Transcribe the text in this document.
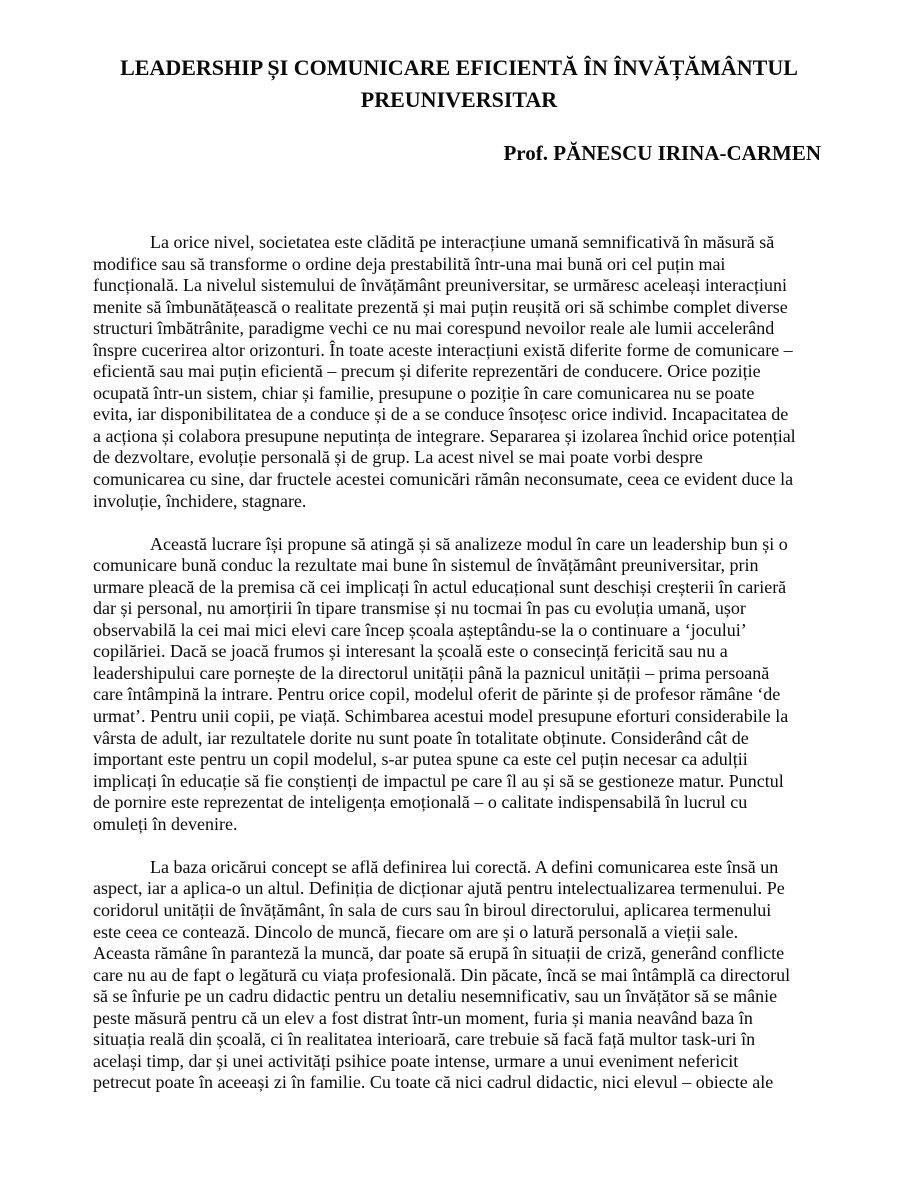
LEADERSHIP ȘI COMUNICARE EFICIENTĂ ÎN ÎNVĂȚĂMÂNTUL
PREUNIVERSITAR
Prof. PĂNESCU IRINA-CARMEN
La orice nivel, societatea este clădită pe interacțiune umană semnificativă în măsură să
modifice sau să transforme o ordine deja prestabilită într-una mai bună ori cel puțin mai
funcțională. La nivelul sistemului de învățământ preuniversitar, se urmăresc aceleași interacțiuni
menite să îmbunătățească o realitate prezentă și mai puțin reușită ori să schimbe complet diverse
structuri îmbătrânite, paradigme vechi ce nu mai corespund nevoilor reale ale lumii accelerând
înspre cucerirea altor orizonturi. În toate aceste interacțiuni există diferite forme de comunicare –
eficientă sau mai puțin eficientă – precum și diferite reprezentări de conducere. Orice poziție
ocupată într-un sistem, chiar și familie, presupune o poziție în care comunicarea nu se poate
evita, iar disponibilitatea de a conduce și de a se conduce însoțesc orice individ. Incapacitatea de
a acționa și colabora presupune neputința de integrare. Separarea și izolarea închid orice potențial
de dezvoltare, evoluție personală și de grup. La acest nivel se mai poate vorbi despre
comunicarea cu sine, dar fructele acestei comunicări rămân neconsumate, ceea ce evident duce la
involuție, închidere, stagnare.
Această lucrare își propune să atingă și să analizeze modul în care un leadership bun și o
comunicare bună conduc la rezultate mai bune în sistemul de învățământ preuniversitar, prin
urmare pleacă de la premisa că cei implicați în actul educațional sunt deschiși creșterii în carieră
dar și personal, nu amorțirii în tipare transmise și nu tocmai în pas cu evoluția umană, ușor
observabilă la cei mai mici elevi care încep școala așteptându-se la o continuare a ‘jocului’
copilăriei. Dacă se joacă frumos și interesant la școală este o consecință fericită sau nu a
leadershipului care pornește de la directorul unității până la paznicul unității – prima persoană
care întâmpină la intrare. Pentru orice copil, modelul oferit de părinte și de profesor rămâne ‘de
urmat’. Pentru unii copii, pe viață. Schimbarea acestui model presupune eforturi considerabile la
vârsta de adult, iar rezultatele dorite nu sunt poate în totalitate obținute. Considerând cât de
important este pentru un copil modelul, s-ar putea spune ca este cel puțin necesar ca adulții
implicați în educație să fie conștienți de impactul pe care îl au și să se gestioneze matur. Punctul
de pornire este reprezentat de inteligența emoțională – o calitate indispensabilă în lucrul cu
omuleți în devenire.
La baza oricărui concept se află definirea lui corectă. A defini comunicarea este însă un
aspect, iar a aplica-o un altul. Definiția de dicționar ajută pentru intelectualizarea termenului. Pe
coridorul unității de învățământ, în sala de curs sau în biroul directorului, aplicarea termenului
este ceea ce contează. Dincolo de muncă, fiecare om are și o latură personală a vieții sale.
Aceasta rămâne în paranteză la muncă, dar poate să erupă în situații de criză, generând conflicte
care nu au de fapt o legătură cu viața profesională. Din păcate, încă se mai întâmplă ca directorul
să se înfurie pe un cadru didactic pentru un detaliu nesemnificativ, sau un învățător să se mânie
peste măsură pentru că un elev a fost distrat într-un moment, furia și mania neavând baza în
situația reală din școală, ci în realitatea interioară, care trebuie să facă față multor task-uri în
același timp, dar și unei activități psihice poate intense, urmare a unui eveniment nefericit
petrecut poate în aceeași zi în familie. Cu toate că nici cadrul didactic, nici elevul – obiecte ale
